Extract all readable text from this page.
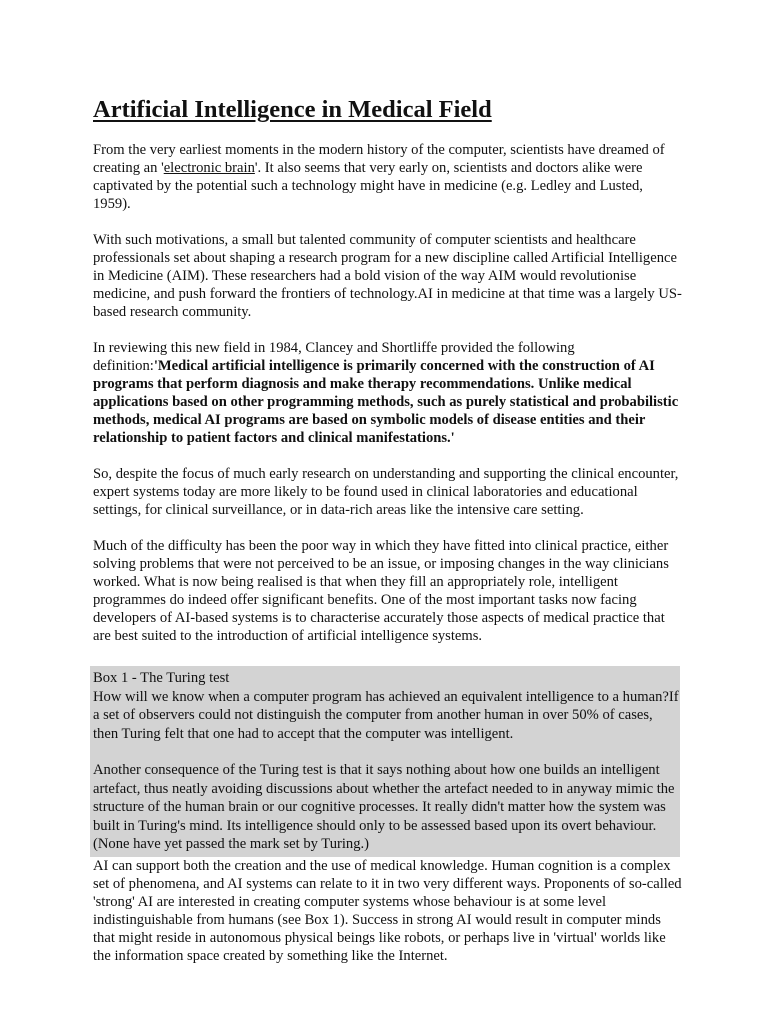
Artificial Intelligence in Medical Field

From the very earliest moments in the modern history of the computer, scientists have dreamed of creating an 'electronic brain'. It also seems that very early on, scientists and doctors alike were captivated by the potential such a technology might have in medicine (e.g. Ledley and Lusted, 1959).

With such motivations, a small but talented community of computer scientists and healthcare professionals set about shaping a research program for a new discipline called Artificial Intelligence in Medicine (AIM). These researchers had a bold vision of the way AIM would revolutionise medicine, and push forward the frontiers of technology.AI in medicine at that time was a largely US-based research community.

In reviewing this new field in 1984, Clancey and Shortliffe provided the following definition:'Medical artificial intelligence is primarily concerned with the construction of AI programs that perform diagnosis and make therapy recommendations. Unlike medical applications based on other programming methods, such as purely statistical and probabilistic methods, medical AI programs are based on symbolic models of disease entities and their relationship to patient factors and clinical manifestations.'

So, despite the focus of much early research on understanding and supporting the clinical encounter, expert systems today are more likely to be found used in clinical laboratories and educational settings, for clinical surveillance, or in data-rich areas like the intensive care setting.

Much of the difficulty has been the poor way in which they have fitted into clinical practice, either solving problems that were not perceived to be an issue, or imposing changes in the way clinicians worked. What is now being realised is that when they fill an appropriately role, intelligent programmes do indeed offer significant benefits. One of the most important tasks now facing developers of AI-based systems is to characterise accurately those aspects of medical practice that are best suited to the introduction of artificial intelligence systems.

Box 1 - The Turing test

How will we know when a computer program has achieved an equivalent intelligence to a human?If a set of observers could not distinguish the computer from another human in over 50% of cases, then Turing felt that one had to accept that the computer was intelligent.

Another consequence of the Turing test is that it says nothing about how one builds an intelligent artefact, thus neatly avoiding discussions about whether the artefact needed to in anyway mimic the structure of the human brain or our cognitive processes. It really didn't matter how the system was built in Turing's mind. Its intelligence should only to be assessed based upon its overt behaviour. (None have yet passed the mark set by Turing.)

AI can support both the creation and the use of medical knowledge. Human cognition is a complex set of phenomena, and AI systems can relate to it in two very different ways. Proponents of so-called 'strong' AI are interested in creating computer systems whose behaviour is at some level indistinguishable from humans (see Box 1). Success in strong AI would result in computer minds that might reside in autonomous physical beings like robots, or perhaps live in 'virtual' worlds like the information space created by something like the Internet.
